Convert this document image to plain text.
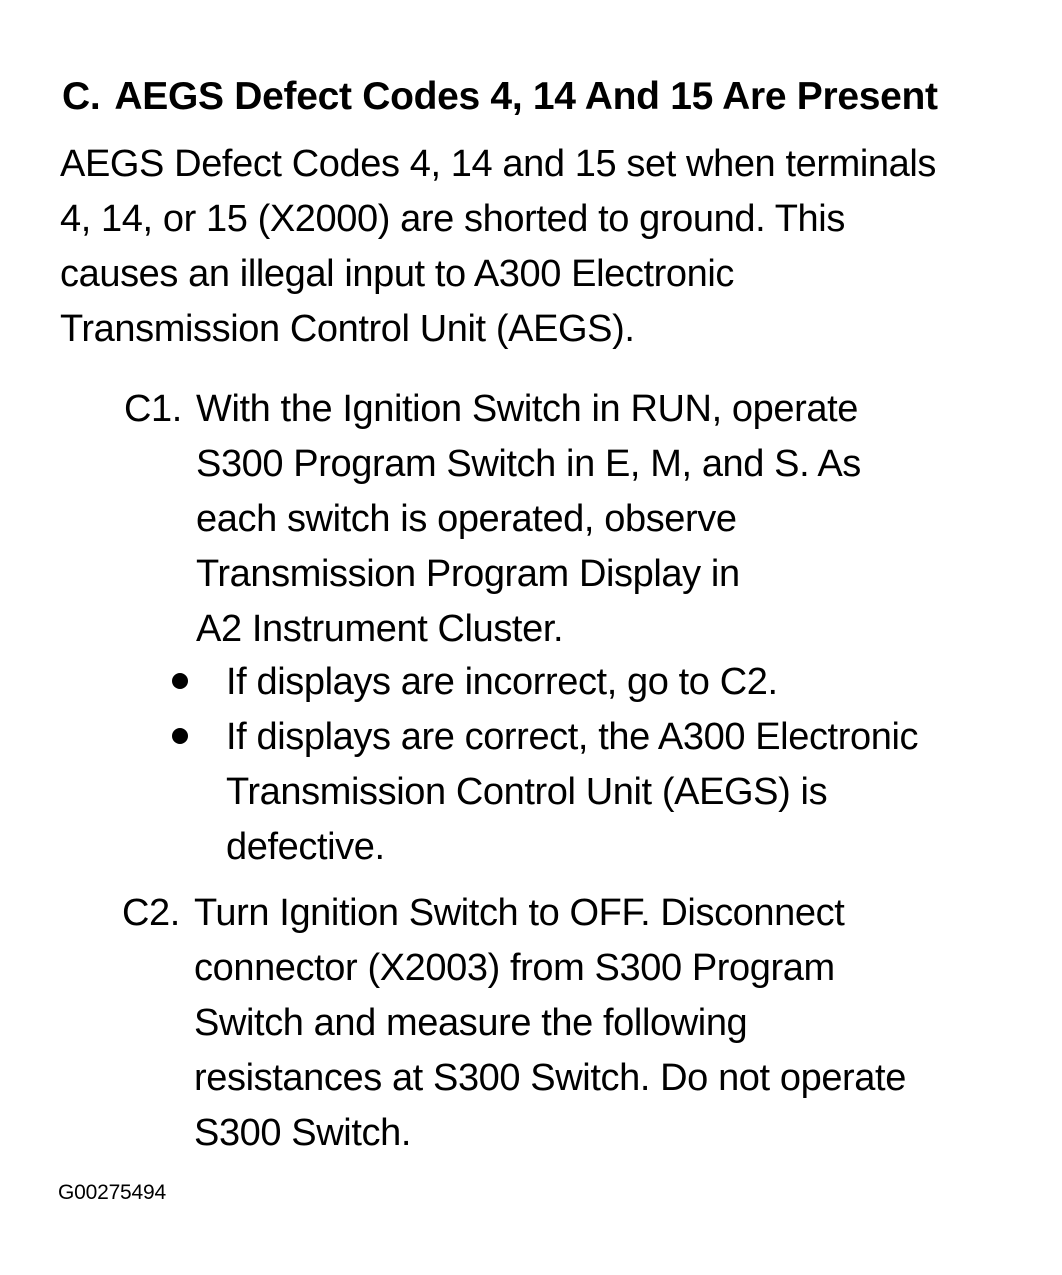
C. AEGS Defect Codes 4, 14 And 15 Are Present
AEGS Defect Codes 4, 14 and 15 set when terminals
4, 14, or 15 (X2000) are shorted to ground. This
causes an illegal input to A300 Electronic
Transmission Control Unit (AEGS).
C1. With the Ignition Switch in RUN, operate
S300 Program Switch in E, M, and S. As
each switch is operated, observe
Transmission Program Display in
A2 Instrument Cluster.
If displays are incorrect, go to C2.
If displays are correct, the A300 Electronic
Transmission Control Unit (AEGS) is
defective.
C2. Turn Ignition Switch to OFF. Disconnect
connector (X2003) from S300 Program
Switch and measure the following
resistances at S300 Switch. Do not operate
S300 Switch.
G00275494
